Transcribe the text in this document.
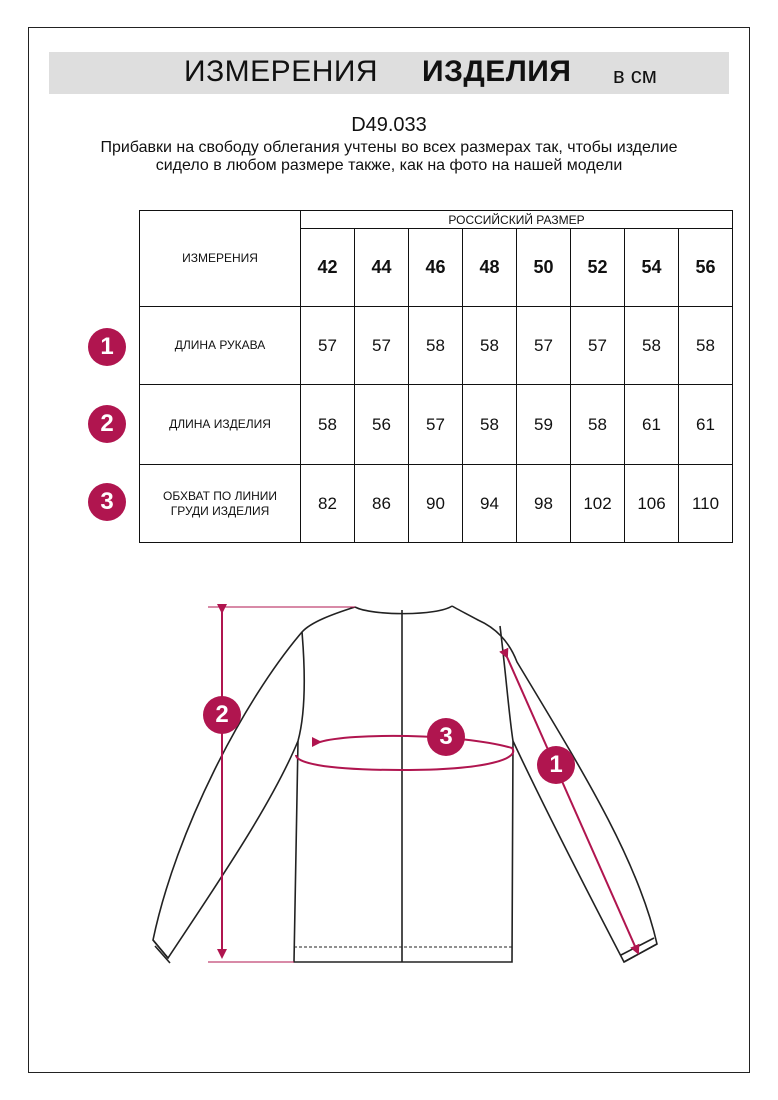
ИЗМЕРЕНИЯ ИЗДЕЛИЯ в см
D49.033
Прибавки на свободу облегания учтены во всех размерах так, чтобы изделие сидело в любом размере также, как на фото на нашей модели
ИЗМЕРЕНИЯ	РОССИЙСКИЙ РАЗМЕР							
	42	44	46	48	50	52	54	56
ДЛИНА РУКАВА	57	57	58	58	57	57	58	58
ДЛИНА ИЗДЕЛИЯ	58	56	57	58	59	58	61	61
ОБХВАТ ПО ЛИНИИ ГРУДИ ИЗДЕЛИЯ	82	86	90	94	98	102	106	110
1
2
3
2
3
1
